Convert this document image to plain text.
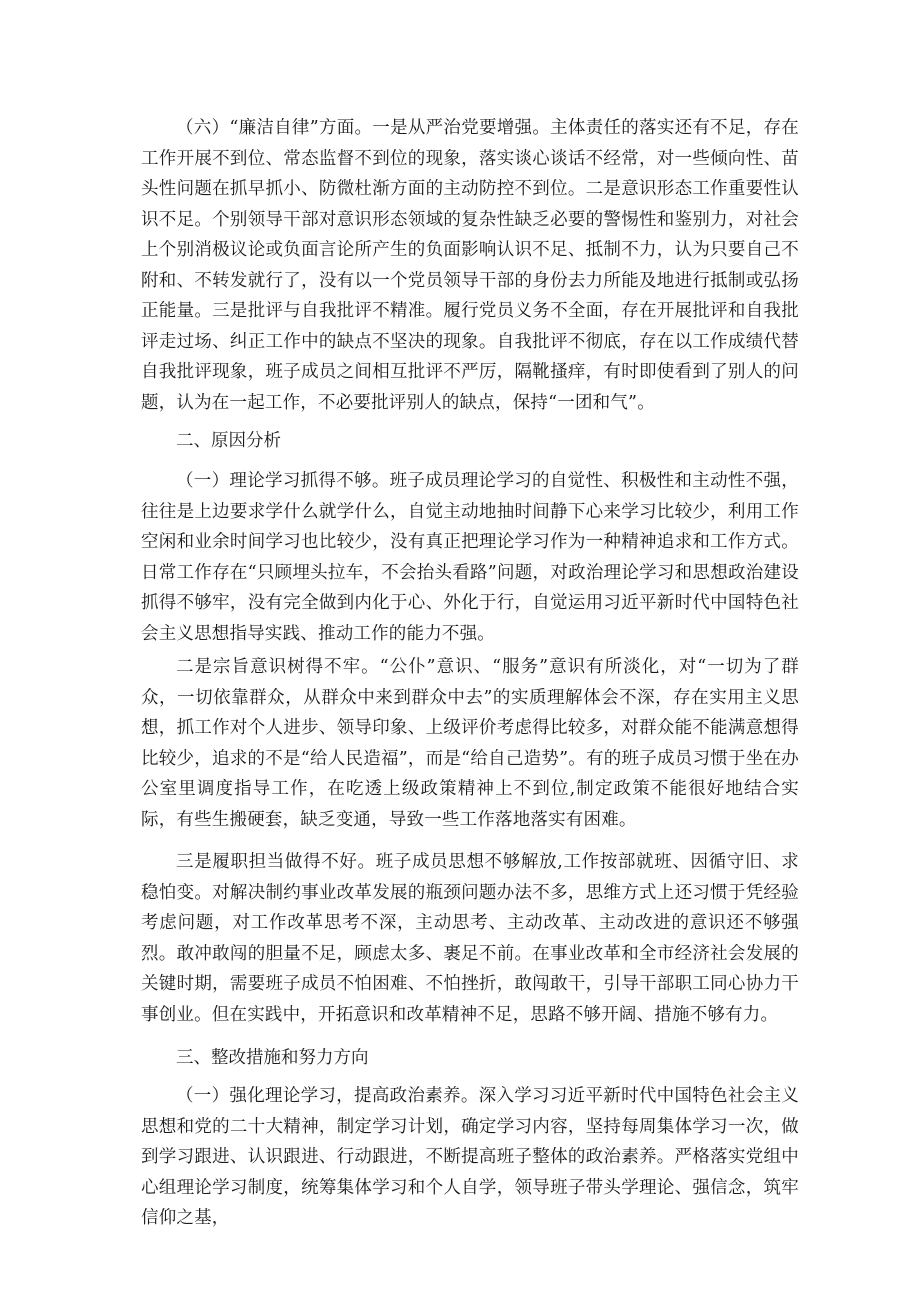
（六）“廉洁自律”方面。一是从严治党要增强。主体责任的落实还有不足，存在工作开展不到位、常态监督不到位的现象，落实谈心谈话不经常，对一些倾向性、苗头性问题在抓早抓小、防微杜渐方面的主动防控不到位。二是意识形态工作重要性认识不足。个别领导干部对意识形态领域的复杂性缺乏必要的警惕性和鉴别力，对社会上个别消极议论或负面言论所产生的负面影响认识不足、抵制不力，认为只要自己不附和、不转发就行了，没有以一个党员领导干部的身份去力所能及地进行抵制或弘扬正能量。三是批评与自我批评不精准。履行党员义务不全面，存在开展批评和自我批评走过场、纠正工作中的缺点不坚决的现象。自我批评不彻底，存在以工作成绩代替自我批评现象，班子成员之间相互批评不严厉，隔靴搔痒，有时即使看到了别人的问题，认为在一起工作，不必要批评别人的缺点，保持“一团和气”。

二、原因分析

（一）理论学习抓得不够。班子成员理论学习的自觉性、积极性和主动性不强，往往是上边要求学什么就学什么，自觉主动地抽时间静下心来学习比较少，利用工作空闲和业余时间学习也比较少，没有真正把理论学习作为一种精神追求和工作方式。日常工作存在“只顾埋头拉车，不会抬头看路”问题，对政治理论学习和思想政治建设抓得不够牢，没有完全做到内化于心、外化于行，自觉运用习近平新时代中国特色社会主义思想指导实践、推动工作的能力不强。

二是宗旨意识树得不牢。“公仆”意识、“服务”意识有所淡化，对“一切为了群众，一切依靠群众，从群众中来到群众中去”的实质理解体会不深，存在实用主义思想，抓工作对个人进步、领导印象、上级评价考虑得比较多，对群众能不能满意想得比较少，追求的不是“给人民造福”，而是“给自己造势”。有的班子成员习惯于坐在办公室里调度指导工作，在吃透上级政策精神上不到位,制定政策不能很好地结合实际，有些生搬硬套，缺乏变通，导致一些工作落地落实有困难。

三是履职担当做得不好。班子成员思想不够解放,工作按部就班、因循守旧、求稳怕变。对解决制约事业改革发展的瓶颈问题办法不多，思维方式上还习惯于凭经验考虑问题，对工作改革思考不深，主动思考、主动改革、主动改进的意识还不够强烈。敢冲敢闯的胆量不足，顾虑太多、裹足不前。在事业改革和全市经济社会发展的关键时期，需要班子成员不怕困难、不怕挫折，敢闯敢干，引导干部职工同心协力干事创业。但在实践中，开拓意识和改革精神不足，思路不够开阔、措施不够有力。

三、整改措施和努力方向

（一）强化理论学习，提高政治素养。深入学习习近平新时代中国特色社会主义思想和党的二十大精神，制定学习计划，确定学习内容，坚持每周集体学习一次，做到学习跟进、认识跟进、行动跟进，不断提高班子整体的政治素养。严格落实党组中心组理论学习制度，统筹集体学习和个人自学，领导班子带头学理论、强信念，筑牢信仰之基，
